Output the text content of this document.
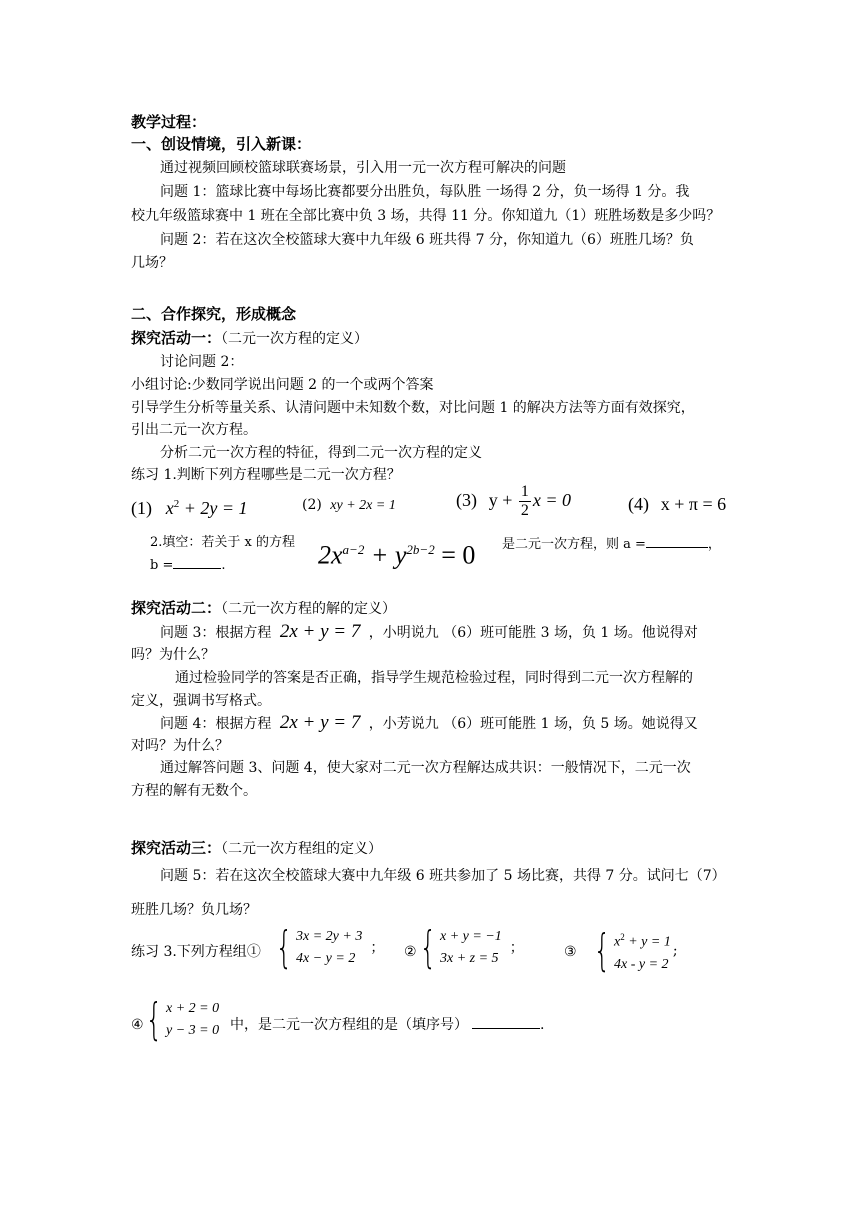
教学过程：
一、创设情境，引入新课：
通过视频回顾校篮球联赛场景，引入用一元一次方程可解决的问题
问题 1：篮球比赛中每场比赛都要分出胜负，每队胜 一场得 2 分，负一场得 1 分。我
校九年级篮球赛中 1 班在全部比赛中负 3 场，共得 11 分。你知道九（1）班胜场数是多少吗？
问题 2：若在这次全校篮球大赛中九年级 6 班共得 7 分，你知道九（6）班胜几场？负
几场？
二、合作探究，形成概念
探究活动一：（二元一次方程的定义）
讨论问题 2：
小组讨论:少数同学说出问题 2 的一个或两个答案
引导学生分析等量关系、认清问题中未知数个数，对比问题 1 的解决方法等方面有效探究，
引出二元一次方程。
分析二元一次方程的特征，得到二元一次方程的定义
练习 1.判断下列方程哪些是二元一次方程？
(1) $x^2 + 2y = 1$	(2) xy + 2x = 1	(3) $y + \frac{1}{2}$ x = 0	(4) x + π = 6
2.填空：若关于 x 的方程 $2x^{a-2} + y^{2b-2} = 0$ 是二元一次方程，则 a =	，
b =	.
探究活动二：（二元一次方程的解的定义）
问题 3：根据方程 2x + y = 7 ，小明说九 （6）班可能胜 3 场，负 1 场。他说得对
吗？为什么？
通过检验同学的答案是否正确，指导学生规范检验过程，同时得到二元一次方程解的
定义，强调书写格式。
问题 4：根据方程 2x + y = 7 ，小芳说九 （6）班可能胜 1 场，负 5 场。她说得又
对吗？为什么？
通过解答问题 3、问题 4，使大家对二元一次方程解达成共识：一般情况下，二元一次
方程的解有无数个。
探究活动三：（二元一次方程组的定义）
问题 5：若在这次全校篮球大赛中九年级 6 班共参加了 5 场比赛，共得 7 分。试问七（7）
班胜几场？负几场？
练习 3.下列方程组① { 3x = 2y + 3
4x − y = 2
； ② { x + y = −1
3x + z = 5
；	③ { $x^2 + y = 1$
4x - y = 2
;
④ { x + 2 = 0
y − 3 = 0 中，是二元一次方程组的是（填序号）	.
